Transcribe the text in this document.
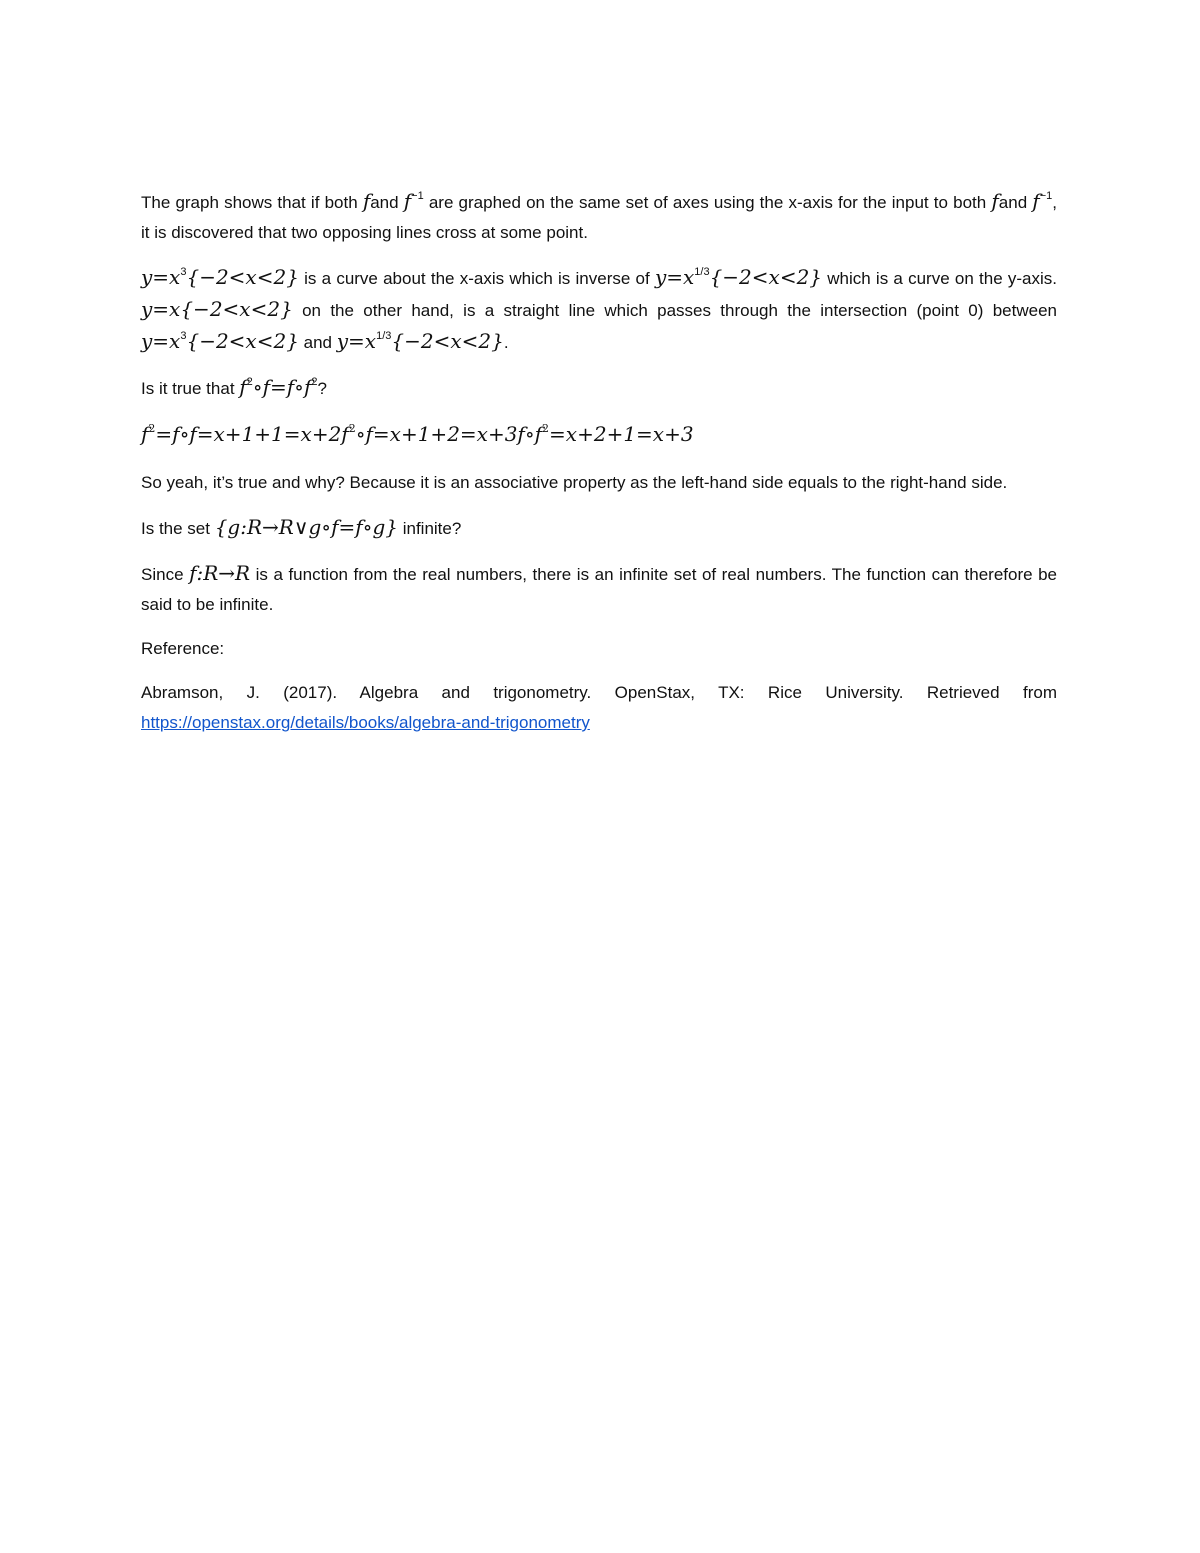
The graph shows that if both fand $f^{-1}$ are graphed on the same set of axes using the x-axis for the input to both fand $f^{-1}$, it is discovered that two opposing lines cross at some point.

$y=x^3\{-2<x<2\}$ is a curve about the x-axis which is inverse of $y=x^{1/3}\{-2<x<2\}$ which is a curve on the y-axis. y=x{−2<x<2} on the other hand, is a straight line which passes through the intersection (point 0) between $y=x^3\{-2<x<2\}$ and $y=x^{1/3}\{-2<x<2\}$.

Is it true that $f^2\circ f=f\circ f^2$?

$f^2=f\circ f=x+1+1=x+2f^2\circ f=x+1+2=x+3f\circ f^2=x+2+1=x+3$

So yeah, it’s true and why? Because it is an associative property as the left-hand side equals to the right-hand side.

Is the set {g:R→R∨g∘f=f∘g} infinite?

Since f:R→R is a function from the real numbers, there is an infinite set of real numbers. The function can therefore be said to be infinite.

Reference:

Abramson, J. (2017). Algebra and trigonometry. OpenStax, TX: Rice University. Retrieved from https://openstax.org/details/books/algebra-and-trigonometry
